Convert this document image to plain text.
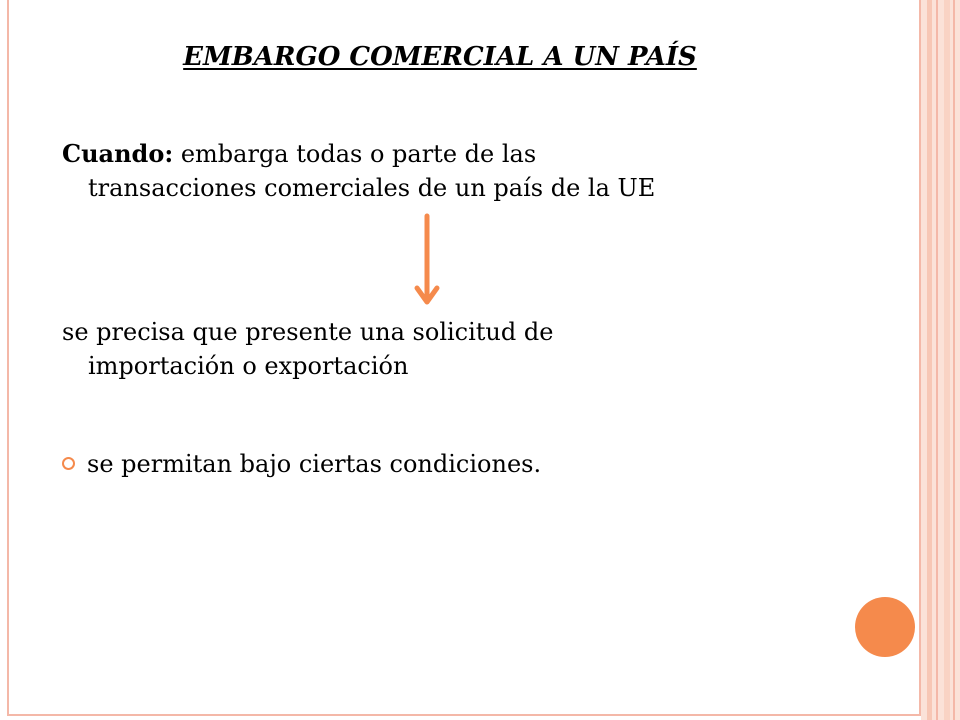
EMBARGO COMERCIAL A UN PAÍS
Cuando: embarga todas o parte de las
transacciones comerciales de un país de la UE
se precisa que presente una solicitud de
importación o exportación
se permitan bajo ciertas condiciones.
